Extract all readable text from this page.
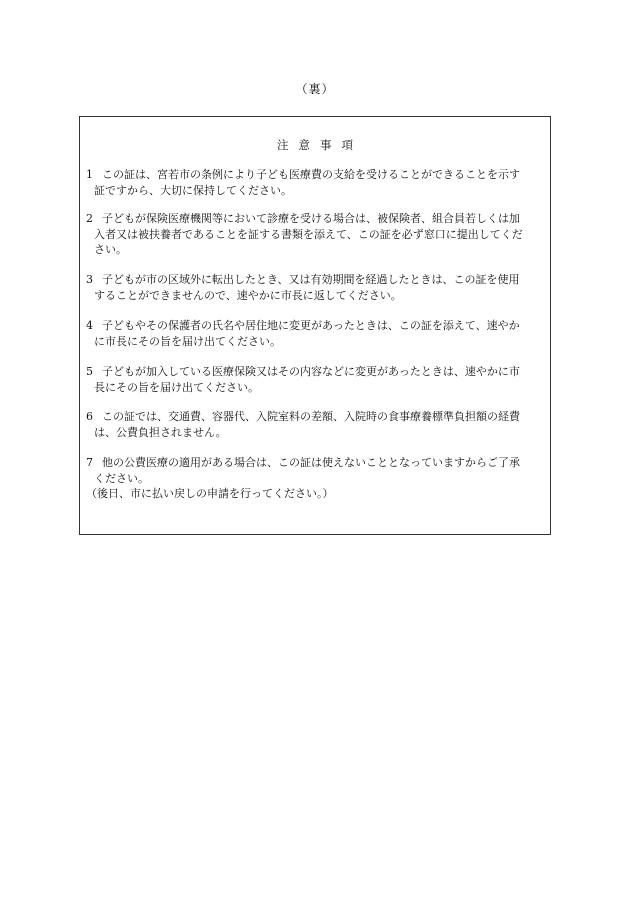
（裏）
注意事項
1 この証は、宮若市の条例により子ども医療費の支給を受けることができることを示す
証ですから、大切に保持してください。
2 子どもが保険医療機関等において診療を受ける場合は、被保険者、組合員若しくは加
入者又は被扶養者であることを証する書類を添えて、この証を必ず窓口に提出してくだ
さい。
3 子どもが市の区域外に転出したとき、又は有効期間を経過したときは、この証を使用
することができませんので、速やかに市長に返してください。
4 子どもやその保護者の氏名や居住地に変更があったときは、この証を添えて、速やか
に市長にその旨を届け出てください。
5 子どもが加入している医療保険又はその内容などに変更があったときは、速やかに市
長にその旨を届け出てください。
6 この証では、交通費、容器代、入院室料の差額、入院時の食事療養標準負担額の経費
は、公費負担されません。
7 他の公費医療の適用がある場合は、この証は使えないこととなっていますからご了承
ください。
（後日、市に払い戻しの申請を行ってください。）
